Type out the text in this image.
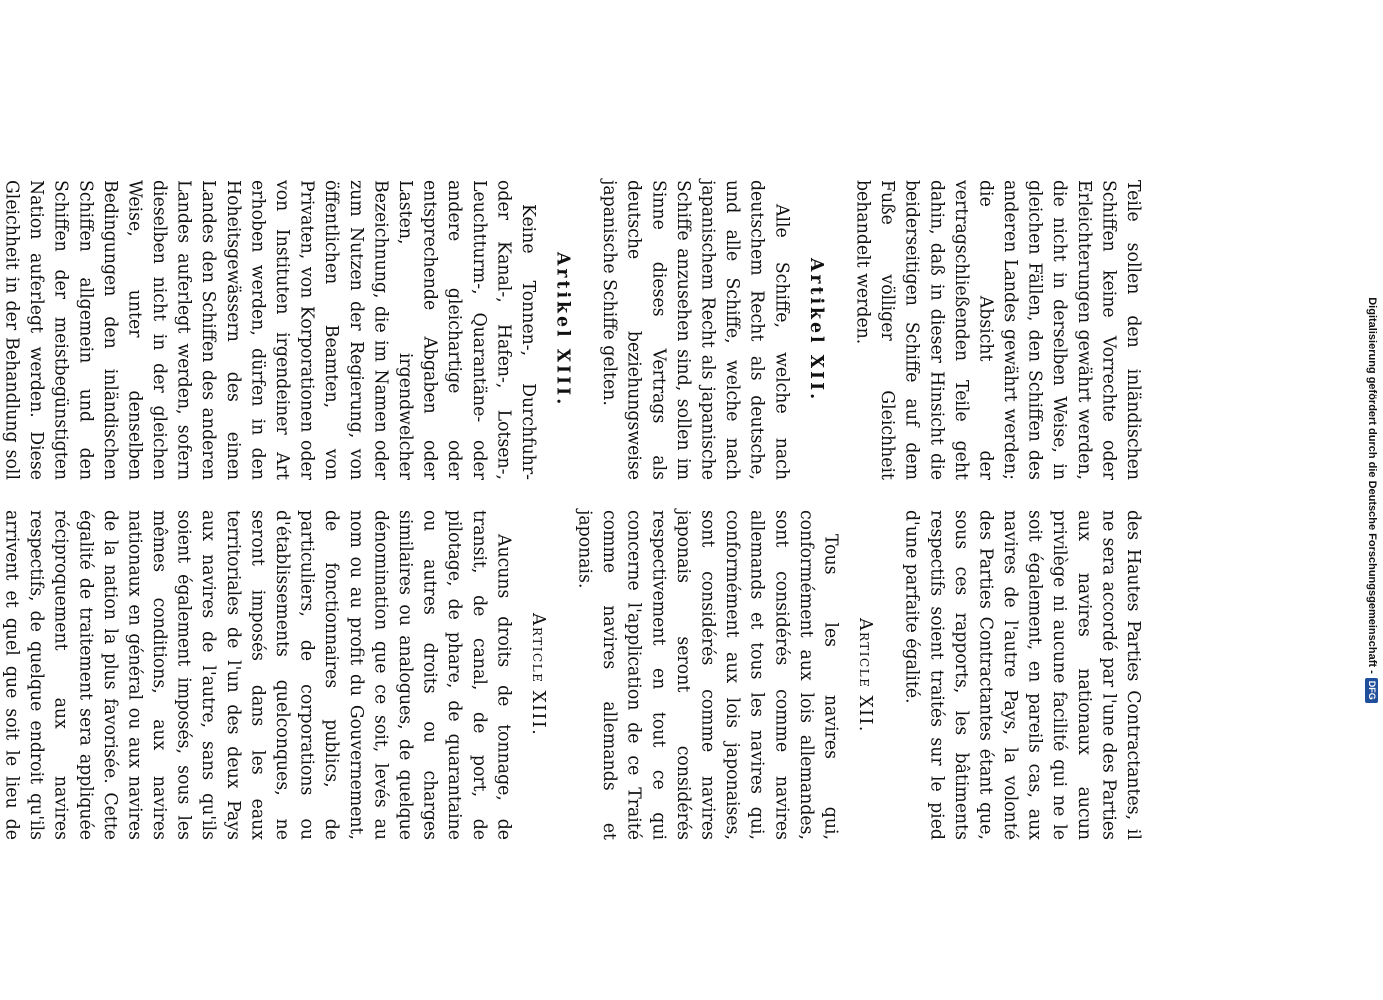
Digitalisierung gefördert durch die Deutsche Forschungsgemeinschaft -
DFG

Teile sollen den inländischen Schiffen keine Vorrechte oder Erleichterungen gewährt werden, die nicht in derselben Weise, in gleichen Fällen, den Schiffen des anderen Landes gewährt werden; die Absicht der vertragschließenden Teile geht dahin, daß in dieser Hinsicht die beiderseitigen Schiffe auf dem Fuße völliger Gleichheit behandelt werden.

Artikel XII.

Alle Schiffe, welche nach deutschem Recht als deutsche, und alle Schiffe, welche nach japanischem Recht als japanische Schiffe anzusehen sind, sollen im Sinne dieses Vertrags als deutsche beziehungsweise japanische Schiffe gelten.

Artikel XIII.

Keine Tonnen-, Durchfuhr- oder Kanal-, Hafen-, Lotsen-, Leuchtturm-, Quarantäne- oder andere gleichartige oder entsprechende Abgaben oder Lasten, irgendwelcher Bezeichnung, die im Namen oder zum Nutzen der Regierung, von öffentlichen Beamten, von Privaten, von Korporationen oder von Instituten irgendeiner Art erhoben werden, dürfen in den Hoheitsgewässern des einen Landes den Schiffen des anderen Landes auferlegt werden, sofern dieselben nicht in der gleichen Weise, unter denselben Bedingungen den inländischen Schiffen allgemein und den Schiffen der meistbegünstigten Nation auferlegt werden. Diese Gleichheit in der Behandlung soll

des Hautes Parties Contractantes, il ne sera accordé par l'une des Parties aux navires nationaux aucun privilège ni aucune facilité qui ne le soit également, en pareils cas, aux navires de l'autre Pays, la volonté des Parties Contractantes étant que, sous ces rapports, les bâtiments respectifs soient traités sur le pied d'une parfaite égalité.

Article XII.

Tous les navires qui, conformément aux lois allemandes, sont considérés comme navires allemands et tous les navires qui, conformément aux lois japonaises, sont considérés comme navires japonais seront considérés respectivement en tout ce qui concerne l'application de ce Traité comme navires allemands et japonais.

Article XIII.

Aucuns droits de tonnage, de transit, de canal, de port, de pilotage, de phare, de quarantaine ou autres droits ou charges similaires ou analogues, de quelque dénomination que ce soit, levés au nom ou au profit du Gouvernement, de fonctionnaires publics, de particuliers, de corporations ou d'établissements quelconques, ne seront imposés dans les eaux territoriales de l'un des deux Pays aux navires de l'autre, sans qu'ils soient également imposés, sous les mêmes conditions, aux navires nationaux en général ou aux navires de la nation la plus favorisée. Cette égalité de traitement sera appliquée réciproquement aux navires respectifs, de quelque endroit qu'ils arrivent et quel que soit le lieu de
